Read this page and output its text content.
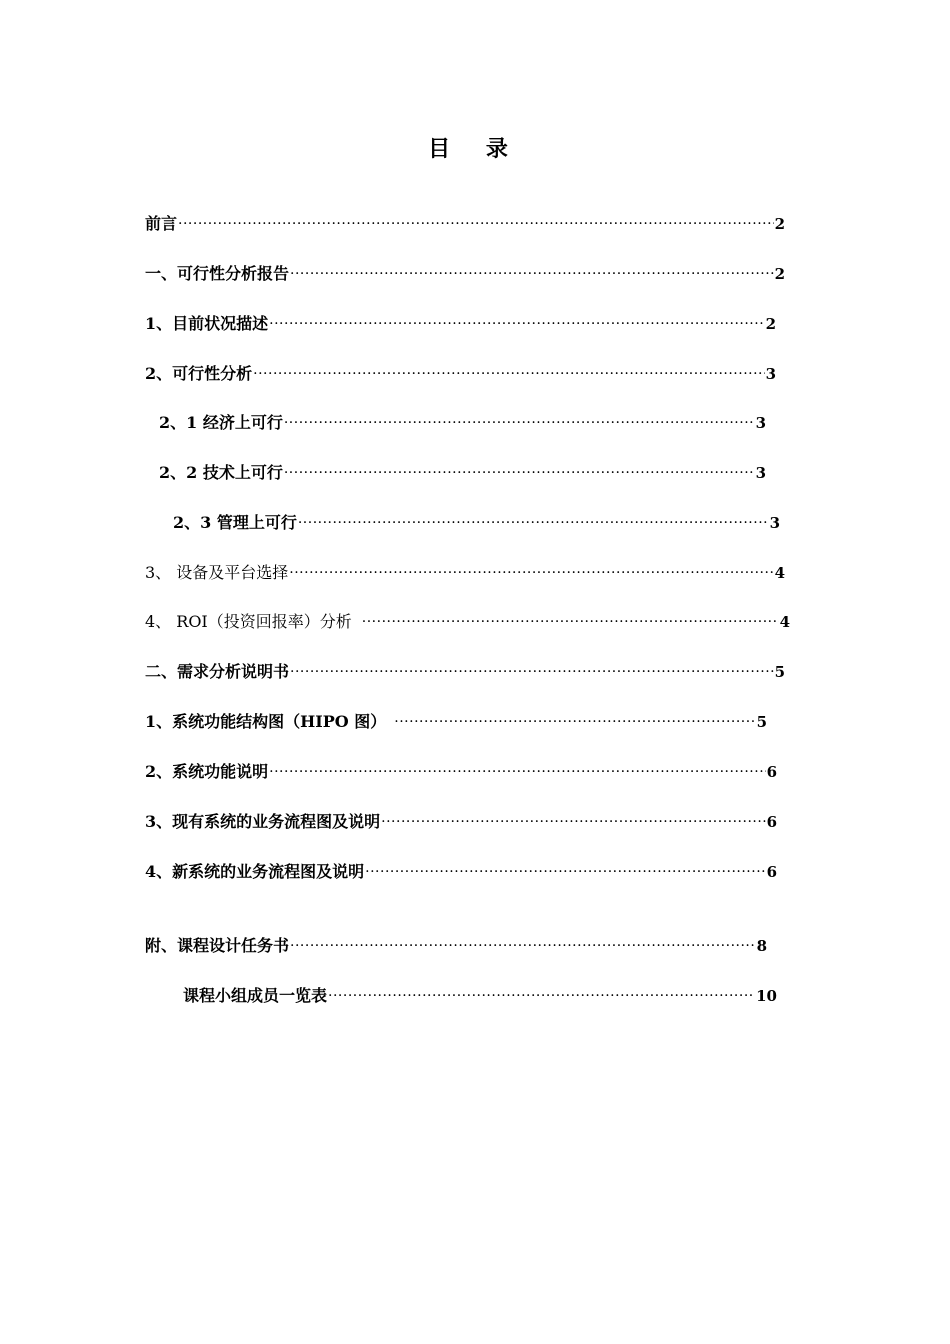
目 录
前言 ·····	2
一、可行性分析报告 ·····	2
1、目前状况描述 ·····	2
2、可行性分析 ·····	3
2、1 经济上可行 ·····	3
2、2 技术上可行 ·····	3
2、3 管理上可行 ·····	3
3、 设备及平台选择 ·····	4
4、 ROI（投资回报率）分析 ·····	4
二、需求分析说明书 ·····	5
1、系统功能结构图（HIPO 图） ·····	5
2、系统功能说明 ·····	6
3、现有系统的业务流程图及说明 ·····	6
4、新系统的业务流程图及说明 ·····	6
附、课程设计任务书 ·····	8
课程小组成员一览表 ·····	10
